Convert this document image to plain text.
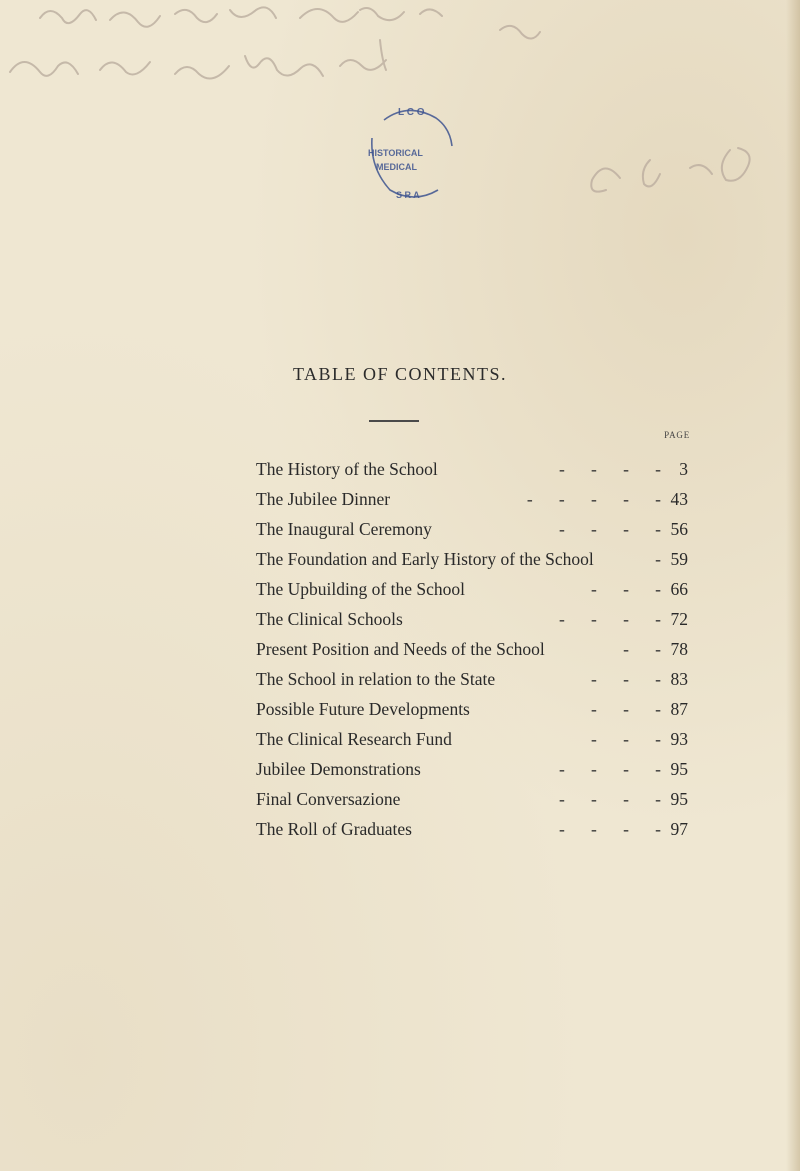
L C O
HISTORICAL
MEDICAL
S R A
TABLE OF CONTENTS.
PAGE
The History of the School	-      -      -      -	3
The Jubilee Dinner	-      -      -      -      - 43
The Inaugural Ceremony	-      -      -      - 56
The Foundation and Early History of the School	- 59
The Upbuilding of the School	-      -      - 66
The Clinical Schools	-      -      -      - 72
Present Position and Needs of the School	-      - 78
The School in relation to the State	-      -      - 83
Possible Future Developments	-      -      - 87
The Clinical Research Fund	-      -      - 93
Jubilee Demonstrations	-      -      -      - 95
Final Conversazione	-      -      -      - 95
The Roll of Graduates	-      -      -      - 97
